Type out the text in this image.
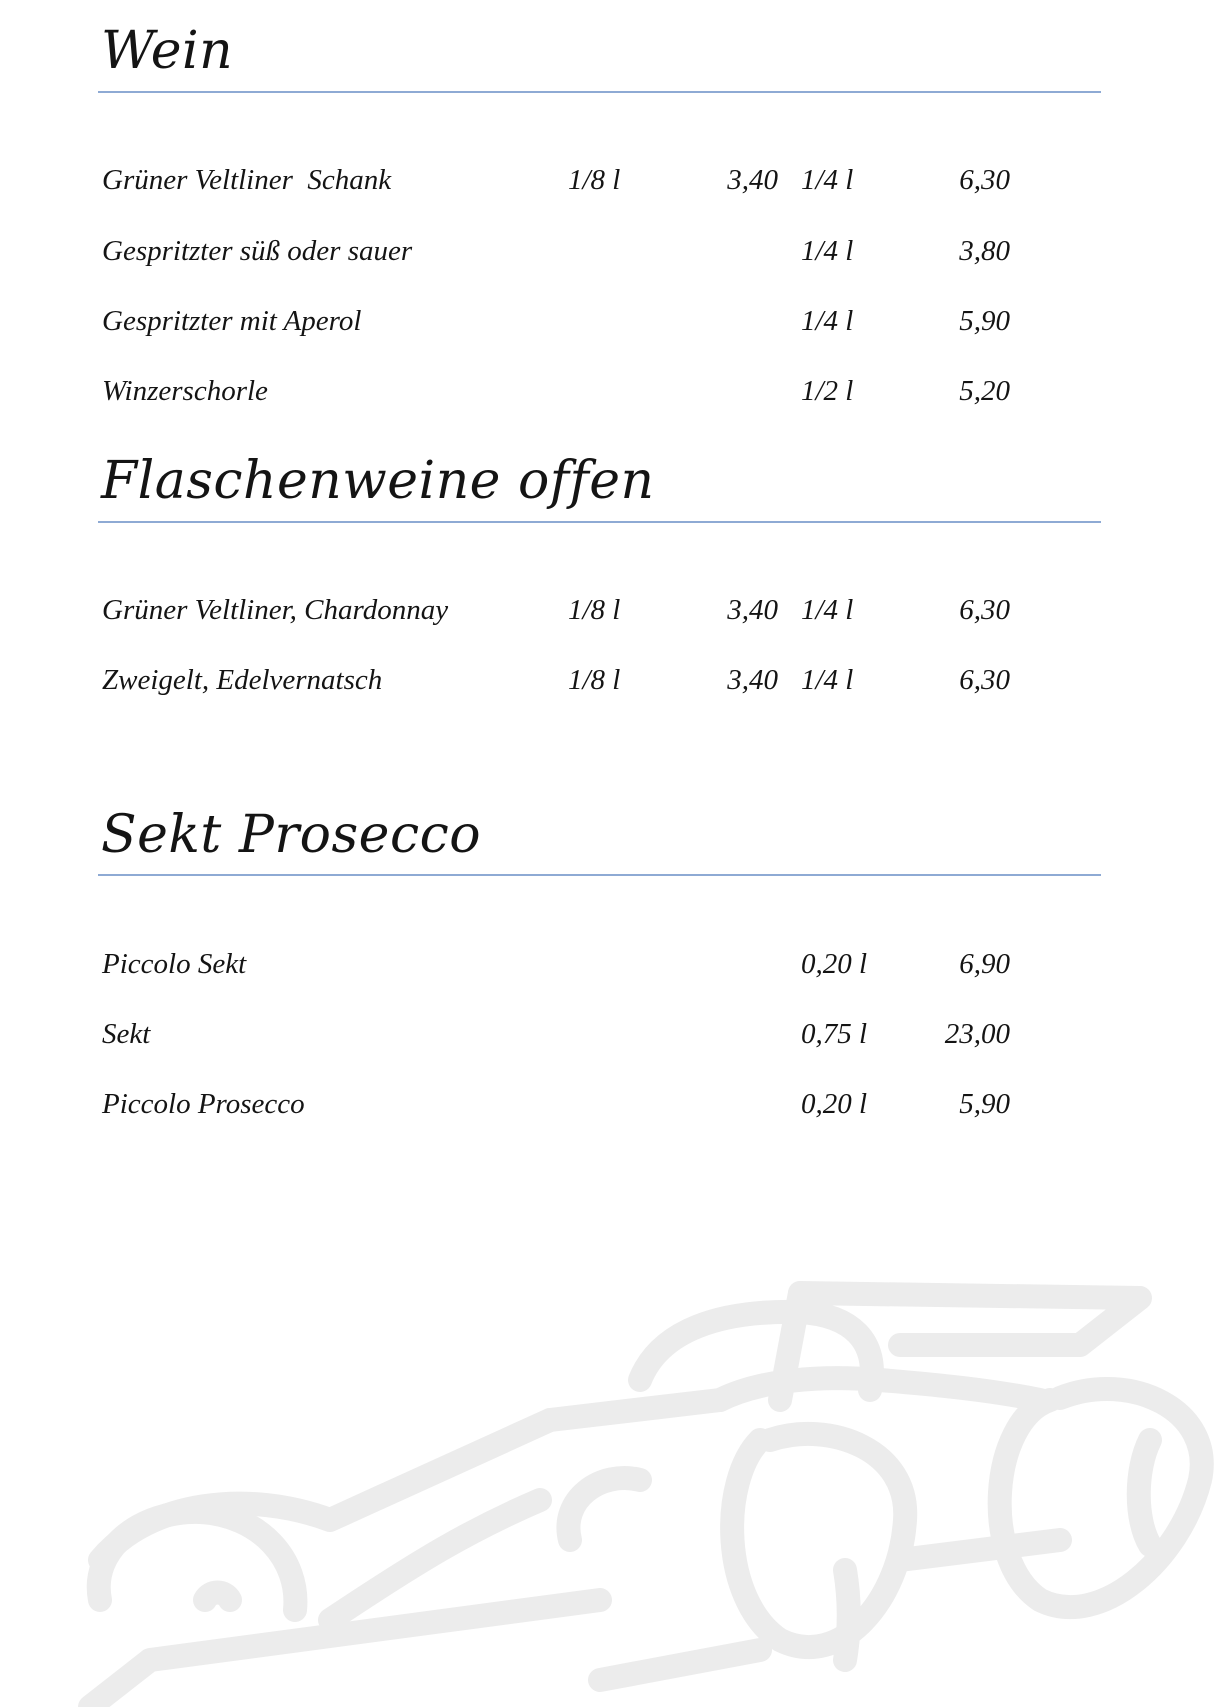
Wein
Grüner Veltliner  Schank	1/8 l	3,40 1/4 l	6,30
Gespritzter süß oder sauer	1/4 l	3,80
Gespritzter mit Aperol	1/4 l	5,90
Winzerschorle	1/2 l	5,20
Flaschenweine offen
Grüner Veltliner, Chardonnay	1/8 l	3,40 1/4 l	6,30
Zweigelt, Edelvernatsch	1/8 l	3,40 1/4 l	6,30
Sekt Prosecco
Piccolo Sekt	0,20 l	6,90
Sekt	0,75 l	23,00
Piccolo Prosecco	0,20 l	5,90
